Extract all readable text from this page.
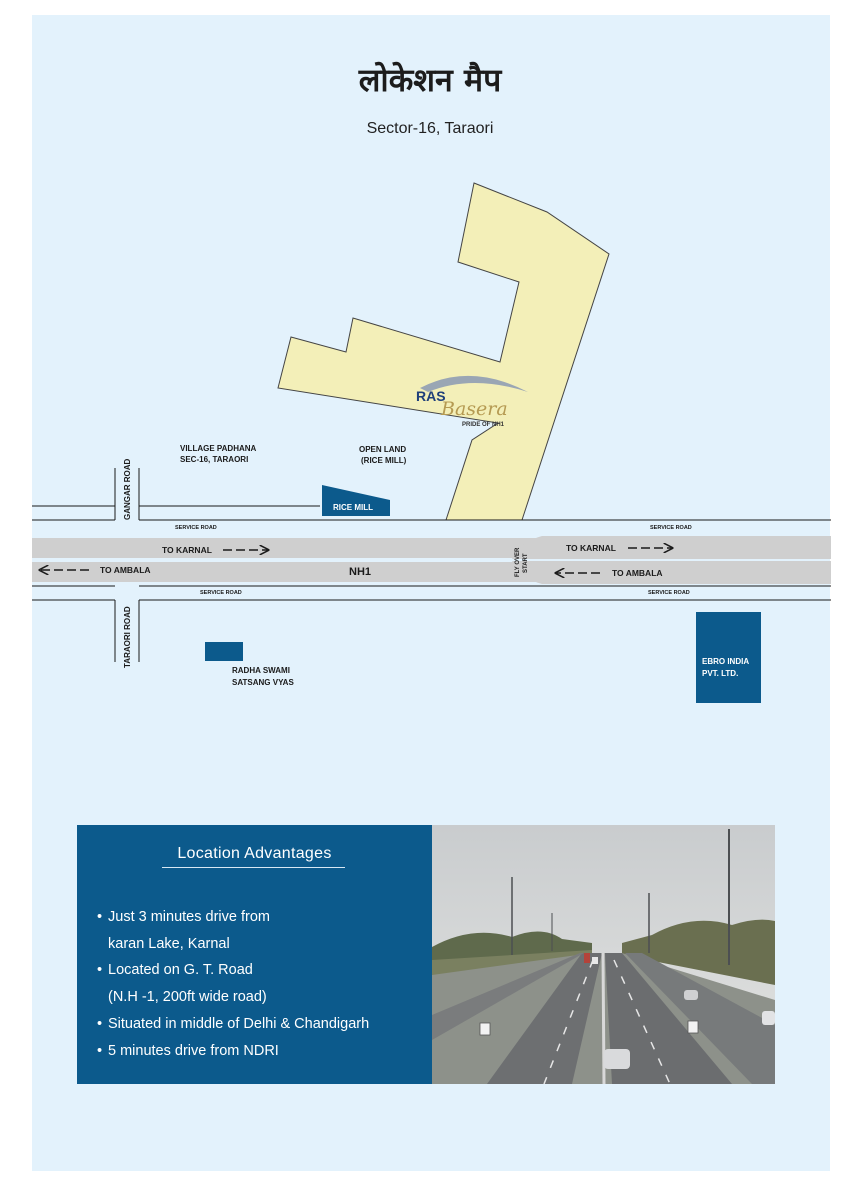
लोकेशन मैप
Sector-16, Taraori
RAS
Basera
PRIDE OF NH1
RICE MILL
EBRO INDIA
PVT. LTD.
VILLAGE PADHANA
SEC-16, TARAORI
OPEN LAND
(RICE MILL)
RADHA SWAMI
SATSANG VYAS
GANGAR ROAD
TARAORI ROAD
SERVICE ROAD	SERVICE ROAD
SERVICE ROAD	SERVICE ROAD
TO KARNAL	TO KARNAL
TO AMBALA	TO AMBALA
NH1	FLY OVER START
Location Advantages
• Just 3 minutes drive from
karan Lake, Karnal
• Located on G. T. Road
(N.H -1, 200ft wide road)
• Situated in middle of Delhi & Chandigarh
• 5 minutes drive from NDRI
